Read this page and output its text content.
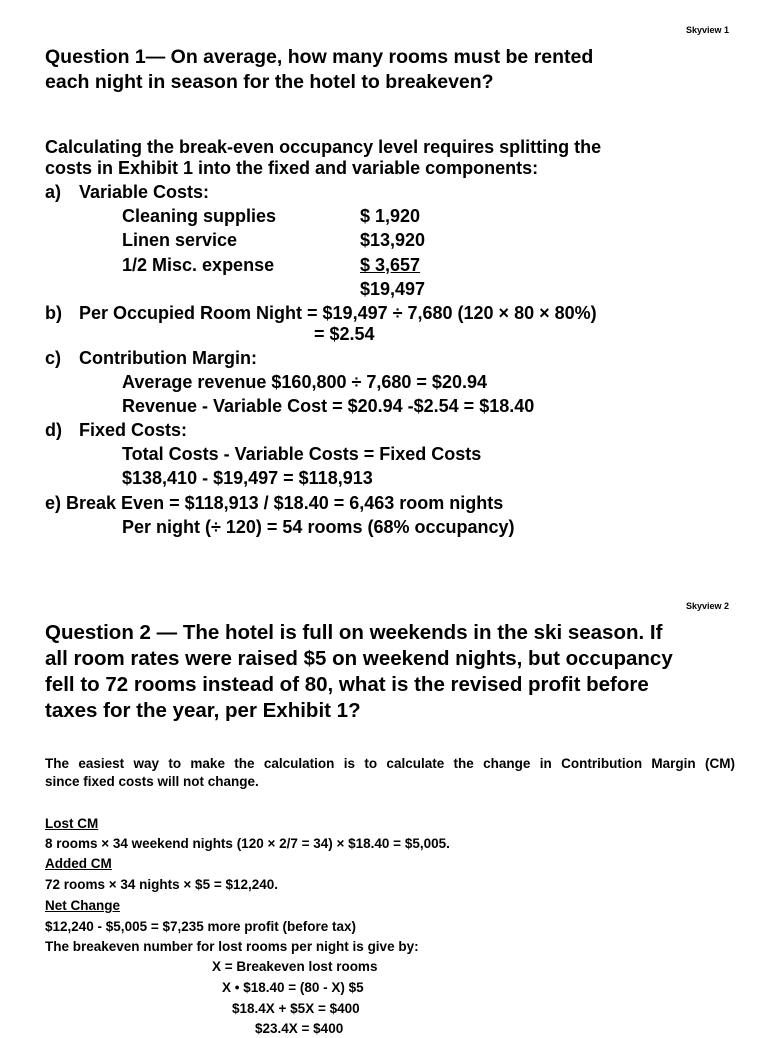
Skyview 1
Question 1— On average, how many rooms must be rented
each night in season for the hotel to breakeven?
Calculating the break-even occupancy level requires splitting the
costs in Exhibit 1 into the fixed and variable components:
a) Variable Costs:
Cleaning supplies	$ 1,920
Linen service	$13,920
1/2 Misc. expense	$ 3,657
$19,497
b) Per Occupied Room Night = $19,497 ÷ 7,680 (120 × 80 × 80%)
= $2.54
c) Contribution Margin:
Average revenue $160,800 ÷ 7,680 = $20.94
Revenue - Variable Cost = $20.94 -$2.54 = $18.40
d) Fixed Costs:
Total Costs - Variable Costs = Fixed Costs
$138,410 - $19,497 = $118,913
e) Break Even = $118,913 / $18.40 = 6,463 room nights
Per night (÷ 120) = 54 rooms (68% occupancy)
Skyview 2
Question 2 — The hotel is full on weekends in the ski season. If
all room rates were raised $5 on weekend nights, but occupancy
fell to 72 rooms instead of 80, what is the revised profit before
taxes for the year, per Exhibit 1?
The easiest way to make the calculation is to calculate the change in Contribution Margin (CM)
since fixed costs will not change.
Lost CM
8 rooms × 34 weekend nights (120 × 2/7 = 34) × $18.40 = $5,005.
Added CM
72 rooms × 34 nights × $5 = $12,240.
Net Change
$12,240 - $5,005 = $7,235 more profit (before tax)
The breakeven number for lost rooms per night is give by:
X = Breakeven lost rooms
X • $18.40 = (80 - X) $5
$18.4X + $5X = $400
$23.4X = $400
